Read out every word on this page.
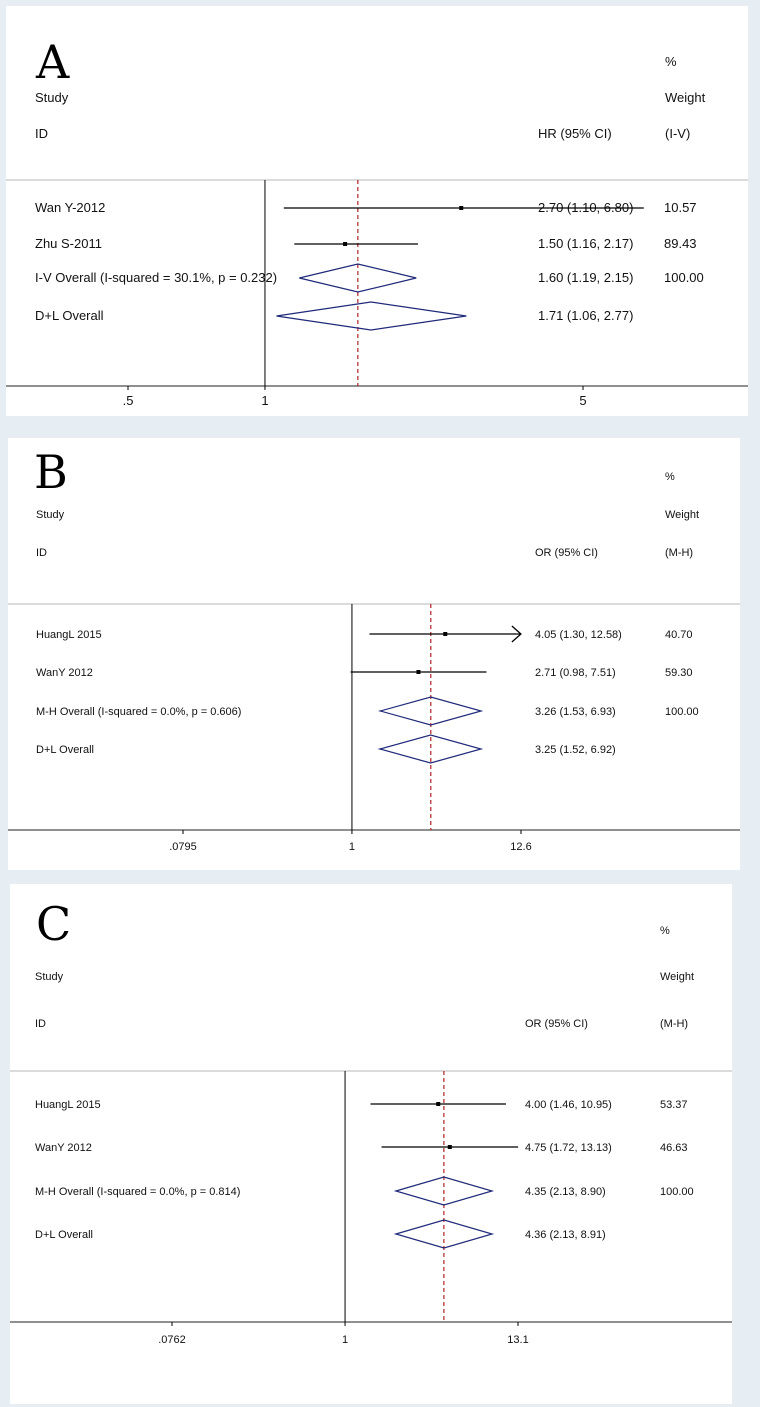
A	%
Study	Weight
ID	HR (95% CI)	(I-V)
.5	1	5
Wan Y-2012	2.70 (1.10, 6.80) 10.57
Zhu S-2011	1.50 (1.16, 2.17) 89.43
I-V Overall (I-squared = 30.1%, p = 0.232)	1.60 (1.19, 2.15) 100.00
D+L Overall	1.71 (1.06, 2.77)
B	%
Study	Weight
ID	OR (95% CI)	(M-H)
.0795	1	12.6
HuangL 2015	4.05 (1.30, 12.58)	40.70
WanY 2012	2.71 (0.98, 7.51)	59.30
M-H Overall (I-squared = 0.0%, p = 0.606)	3.26 (1.53, 6.93)	100.00
D+L Overall	3.25 (1.52, 6.92)
C	%
Study	Weight
ID	OR (95% CI)	(M-H)
.0762	1	13.1
HuangL 2015	4.00 (1.46, 10.95)	53.37
WanY 2012	4.75 (1.72, 13.13)	46.63
M-H Overall (I-squared = 0.0%, p = 0.814)	4.35 (2.13, 8.90)	100.00
D+L Overall	4.36 (2.13, 8.91)
